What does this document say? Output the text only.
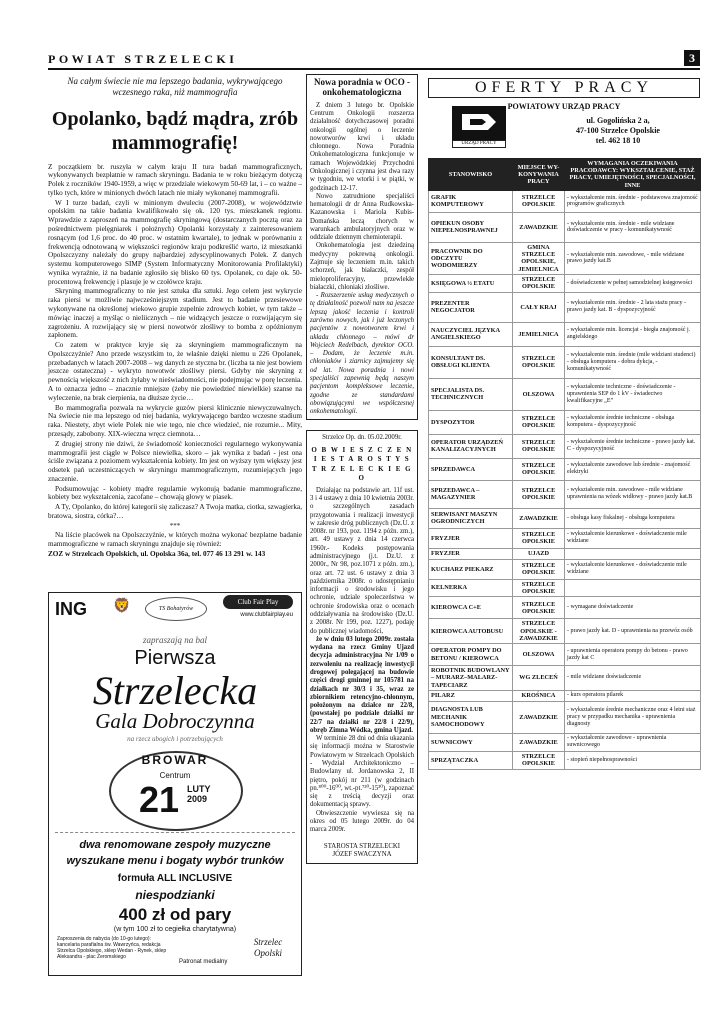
POWIAT STRZELECKI	3
Na całym świecie nie ma lepszego badania, wykrywającego wczesnego raka, niż mammografia
Opolanko, bądź mądra, zrób mammografię!

Z początkiem br. ruszyła w całym kraju II tura badań mammograficznych, wykonywanych bezpłatnie w ramach skryningu. Badania te w roku bieżącym dotyczą Polek z roczników 1940-1959, a więc w przedziale wiekowym 50-69 lat, i – co ważne – tylko tych, które w minionych dwóch latach nie miały wykonanej mammografii.

W I turze badań, czyli w minionym dwuleciu (2007-2008), w województwie opolskim na takie badania kwalifikowało się ok. 120 tys. mieszkanek regionu. Wprawdzie z zaproszeń na mammografię skryningową (dostarczanych pocztą oraz za pośrednictwem pielęgniarek i położnych) Opolanki korzystały z zainteresowaniem rosnącym (od 1,6 proc. do 40 proc. w ostatnim kwartale), to jednak w porównaniu z frekwencją odnotowaną w większości regionów kraju podkreślić warto, iż mieszkanki Opolszczyzny należały do grupy najbardziej zdyscyplinowanych Polek. Z danych systemu komputerowego SIMP (System Informatyczny Monitorowania Profilaktyki) wynika wyraźnie, iż na badanie zgłosiło się blisko 60 tys. Opolanek, co daje ok. 50-procentową frekwencję i plasuje je w czołówce kraju.

Skryning mammograficzny to nie jest sztuka dla sztuki. Jego celem jest wykrycie raka piersi w możliwie najwcześniejszym stadium. Jest to badanie przesiewowe wykonywane na określonej wiekowo grupie zupełnie zdrowych kobiet, w tym także – mówiąc inaczej a myśląc o nieliicznych – nie widzących jeszcze o rozwijającym się zagrożeniu. A rozwijający się w piersi nowotwór złośliwy to bomba z opóźnionym zapłonem.

Co zatem w praktyce kryje się za skryningiem mammograficznym na Opolszczyźnie? Ano przede wszystkim to, że właśnie dzięki niemu u 226 Opolanek, przebadanych w latach 2007-2008 – wg danych ze styczna br. (liczba ta nie jest bowiem jeszcze ostateczna) - wykryto nowotwór złośliwy piersi. Gdyby nie skryning z pewnością większość z nich żyłaby w nieświadomości, nie podejmując w porę leczenia. A to oznacza jedno – znacznie mniejsze (żeby nie powiedzieć niewielkie) szanse na wyleczenie, na brak cierpienia, na dłuższe życie…

Bo mammografia pozwala na wykrycie guzów piersi klinicznie niewyczuwalnych. Na świecie nie ma lepszego od niej badania, wykrywającego bardzo wczesne stadium raka. Niestety, zbyt wiele Polek nie wie tego, nie chce wiedzieć, nie rozumie... Mity, przesądy, zabobony. XIX-wieczna wręcz ciemnota…

Z drugiej strony nie dziwi, że świadomość konieczności regularnego wykonywania mammografii jest ciągle w Polsce niewielka, skoro – jak wynika z badań - jest ona ściśle związana z poziomem wykształcenia kobiety. Im jest on wyższy tym większy jest odsetek pań uczestniczących w skryningu mammograficznym, rozumiejących jego znaczenie.

Podsumowując - kobiety mądre regularnie wykonują badanie mammograficzne, kobiety bez wykształcenia, zacofane – chowają głowy w piasek.

A Ty, Opolanko, do której kategorii się zaliczasz? A Twoja matka, ciotka, szwagierka, bratowa, siostra, córka?…

***

Na liście placówek na Opolszczyźnie, w których można wykonać bezpłatne badanie mammograficzne w ramach skryningu znajduje się również:

ZOZ w Strzelcach Opolskich, ul. Opolska 36a, tel. 077 46 13 291 w. 143

ING 🦁	TS Bohatyrów
Club Fair Play
www.clubfairplay.eu
zapraszają na bal
Pierwsza
Strzelecka
Gala Dobroczynna
na rzecz ubogich i potrzebujących
BROWAR
Centrum
21 LUTY
2009
dwa renomowane zespoły muzyczne
wyszukane menu i bogaty wybór trunków
formuła ALL INCLUSIVE
niespodzianki
400 zł od pary
(w tym 100 zł to cegiełka charytatywna)
Zaproszenia do nabycia (do 10-go lutego): kancelaria parafialna św. Wawrzyńca, redakcja Strzelca Opolskiego, sklep Wedan - Rynek, sklep Aleksandra - plac Żeromskiego
Strzelec Opolski
Patronat medialny
Nowa poradnia w OCO - onkohematologiczna

Z dniem 3 lutego br. Opolskie Centrum Onkologii rozszerza działalność dotychczasowej poradni onkologii ogólnej o leczenie nowotworów krwi i układu chłonnego. Nowa Poradnia Onkohematologiczna funkcjonuje w ramach Wojewódzkiej Przychodni Onkologicznej i czynna jest dwa razy w tygodniu, we wtorki i w piątki, w godzinach 12-17.

Nowo zatrudnione specjaliści hematologii dr dr Anna Rudkowska-Kazanowska i Mariola Kubis-Domańska leczą chorych w warunkach ambulatoryjnych oraz w oddziale dziennym chemioterapii.

Onkohematologia jest dziedziną medycyny pokrewną onkologii. Zajmuje się leczeniem m.in. takich schorzeń, jak białaczki, zespół mieloproliferacyjny, przewlekłe białaczki, chłoniaki złośliwe.

- Rozszerzenie usług medycznych o tę działalność pozwoli nam na jeszcze lepszą jakość leczenia i kontroli zarówno nowych, jak i już leczonych pacjentów z nowotworem krwi i układu chłonnego – mówi dr Wojciech Redelbach, dyrektor OCO. – Dodam, że leczenie m.in. chłoniaków i ziarnicy zajmujemy się od lat. Nowa poradnia i nowi specjaliści zapewnią będą naszym pacjentom kompleksowe leczenie, zgodne ze standardami obowiązującymi we współczesnej onkohematologii.

Strzelce Op. dn. 05.02.2009r.
O B W I E S Z C Z E N I E S T A R O S T Y S T R Z E L E C K I E G O

Działając na podstawie art. 11f ust. 3 i 4 ustawy z dnia 10 kwietnia 2003r. o szczególnych zasadach przygotowania i realizacji inwestycji w zakresie dróg publicznych (Dz.U. z 2008r. nr 193, poz. 1194 z późn. zm.), art. 49 ustawy z dnia 14 czerwca 1960r.- Kodeks postępowania administracyjnego (j.t. Dz.U. z 2000r., Nr 98, poz.1071 z późn. zm.), oraz art. 72 ust. 6 ustawy z dnia 3 października 2008r. o udostępnianiu informacji o środowisku i jego ochronie, udziale społeczeństwa w ochronie środowiska oraz o ocenach oddziaływania na środowisko (Dz.U. z 2008r. Nr 199, poz. 1227), podaję do publicznej wiadomości,

że w dniu 03 lutego 2009r. została wydana na rzecz Gminy Ujazd decyzja administracyjna Nr 1/09 o zezwoleniu na realizację inwestycji drogowej polegającej na budowie części drogi gminnej nr 105781 na działkach nr 30/3 i 35, wraz ze zbiornikiem retencyjno-chłonnym, położonym na działce nr 22/8, (powstałej po podziale działki nr 22/7 na działki nr 22/8 i 22/9), obręb Zimna Wódka, gmina Ujazd.

W terminie 28 dni od dnia ukazania się informacji można w Starostwie Powiatowym w Strzelcach Opolskich - Wydział Architektoniczno – Budowlany ul. Jordanowska 2, II piętro, pokój nr 211 (w godzinach pn.⁸⁰⁰-16⁰⁰, wt.-pt.⁷³⁰-15³⁰), zapoznać się z treścią decyzji oraz dokumentacją sprawy.

Obwieszczenie wywiesza się na okres od 05 lutego 2009r. do 04 marca 2009r.

STAROSTA STRZELECKI
JÓZEF SWACZYNA
OFERTY PRACY
POWIATOWY URZĄD PRACY
URZĄD PRACY
ul. Gogolińska 2 a,
47-100 Strzelce Opolskie
tel. 462 18 10
STANOWISKO	MIEJSCE WY-KONYWANIA PRACY	WYMAGANIA OCZEKIWANIA PRACODAWCY: WYKSZTAŁCENIE, STAŻ PRACY, UMIEJĘTNOŚCI, SPECJALNOŚCI, INNE
GRAFIK KOMPUTEROWY	STRZELCE OPOLSKIE	- wykształcenie min. średnie - podstawowa znajomość programów graficznych
OPIEKUN OSOBY NIEPEŁNOSPRAWNEJ	ZAWADZKIE	- wykształcenie min. średnie - mile widziane doświadczenie w pracy - komunikatywność
PRACOWNIK DO ODCZYTU WODOMIERZY	GMINA STRZELCE OPOLSKIE, JEMIELNICA	- wykształcenie min. zawodowe, - mile widziane prawo jazdy kat.B
KSIĘGOWA ½ ETATU	STRZELCE OPOLSKIE	- doświadczenie w pełnej samodzielnej księgowości
PREZENTER NEGOCJATOR	CAŁY KRAJ	- wykształcenie min. średnie - 2 lata stażu pracy - prawo jazdy kat. B - dyspozycyjność
NAUCZYCIEL JĘZYKA ANGIELSKIEGO	JEMIELNICA	- wykształcenie min. licencjat - biegła znajomość j. angielskiego
KONSULTANT DS. OBSŁUGI KLIENTA	STRZELCE OPOLSKIE	- wykształcenie min. średnie (mile widziani studenci) - obsługa komputera - dobra dykcja, - komunikatywność
SPECJALISTA DS. TECHNICZNYCH	OLSZOWA	- wykształcenie techniczne - doświadczenie - uprawnienia SEP do 1 kV - świadectwo kwalifikacyjne „E”
DYSPOZYTOR	STRZELCE OPOLSKIE	- wykształcenie średnie techniczne - obsługa komputera - dyspozycyjność
OPERATOR URZĄDZEŃ KANALIZACYJNYCH	STRZELCE OPOLSKIE	- wykształcenie średnie techniczne - prawo jazdy kat. C - dyspozycyjność
SPRZEDAWCA	STRZELCE OPOLSKIE	- wykształcenie zawodowe lub średnie - znajomość elektryki
SPRZEDAWCA – MAGAZYNIER	STRZELCE OPOLSKIE	- wykształcenie min. zawodowe - mile widziane uprawnienia na wózek widłowy - prawo jazdy kat.B
SERWISANT MASZYN OGRODNICZYCH	ZAWADZKIE	- obsługa kasy fiskalnej - obsługa komputera
FRYZJER	STRZELCE OPOLSKIE	- wykształcenie kierunkowe - doświadczenie mile widziane
FRYZJER	UJAZD	
KUCHARZ PIEKARZ	STRZELCE OPOLSKIE	- wykształcenie kierunkowe - doświadczenie mile widziane
KELNERKA	STRZELCE OPOLSKIE	
KIEROWCA C+E	STRZELCE OPOLSKIE	- wymagane doświadczenie
KIEROWCA AUTOBUSU	STRZELCE OPOLSKIE -ZAWADZKIE	- prawo jazdy kat. D - uprawnienia na przewóz osób
OPERATOR POMPY DO BETONU / KIEROWCA	OLSZOWA	- uprawnienia operatora pompy do betonu - prawo jazdy kat C
ROBOTNIK BUDOWLANY – MURARZ–MALARZ-TAPECIARZ	WG ZLECEŃ	- mile widziane doświadczenie
PILARZ	KROŚNICA	- kurs operatora pilarek
DIAGNOSTA LUB MECHANIK SAMOCHODOWY	ZAWADZKIE	- wykształcenie średnie mechaniczne oraz 4 letni staż pracy w przypadku mechanika - uprawnienia diagnosty
SUWNICOWY	ZAWADZKIE	- wykształcenie zawodowe - uprawnienia suwnicowego
SPRZĄTACZKA	STRZELCE OPOLSKIE	- stopień niepełnosprawności
